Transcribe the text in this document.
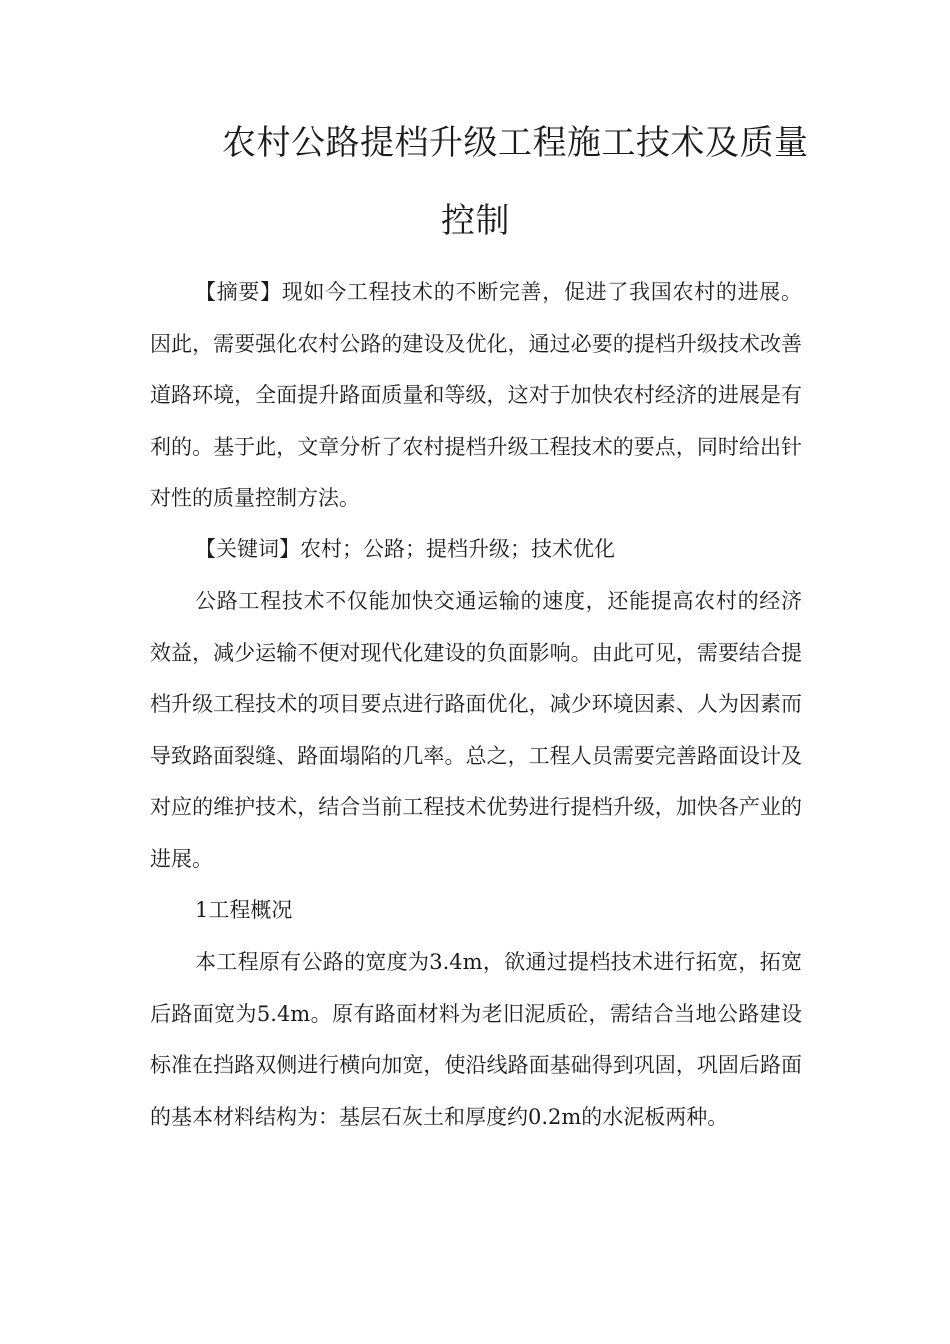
农村公路提档升级工程施工技术及质量
控制

【摘要】现如今工程技术的不断完善，促进了我国农村的进展。因此，需要强化农村公路的建设及优化，通过必要的提档升级技术改善道路环境，全面提升路面质量和等级，这对于加快农村经济的进展是有利的。基于此，文章分析了农村提档升级工程技术的要点，同时给出针对性的质量控制方法。

【关键词】农村；公路；提档升级；技术优化

公路工程技术不仅能加快交通运输的速度，还能提高农村的经济效益，减少运输不便对现代化建设的负面影响。由此可见，需要结合提档升级工程技术的项目要点进行路面优化，减少环境因素、人为因素而导致路面裂缝、路面塌陷的几率。总之，工程人员需要完善路面设计及对应的维护技术，结合当前工程技术优势进行提档升级，加快各产业的进展。

1工程概况

本工程原有公路的宽度为3.4m，欲通过提档技术进行拓宽，拓宽后路面宽为5.4m。原有路面材料为老旧泥质砼，需结合当地公路建设标准在挡路双侧进行横向加宽，使沿线路面基础得到巩固，巩固后路面的基本材料结构为：基层石灰土和厚度约0.2m的水泥板两种。
